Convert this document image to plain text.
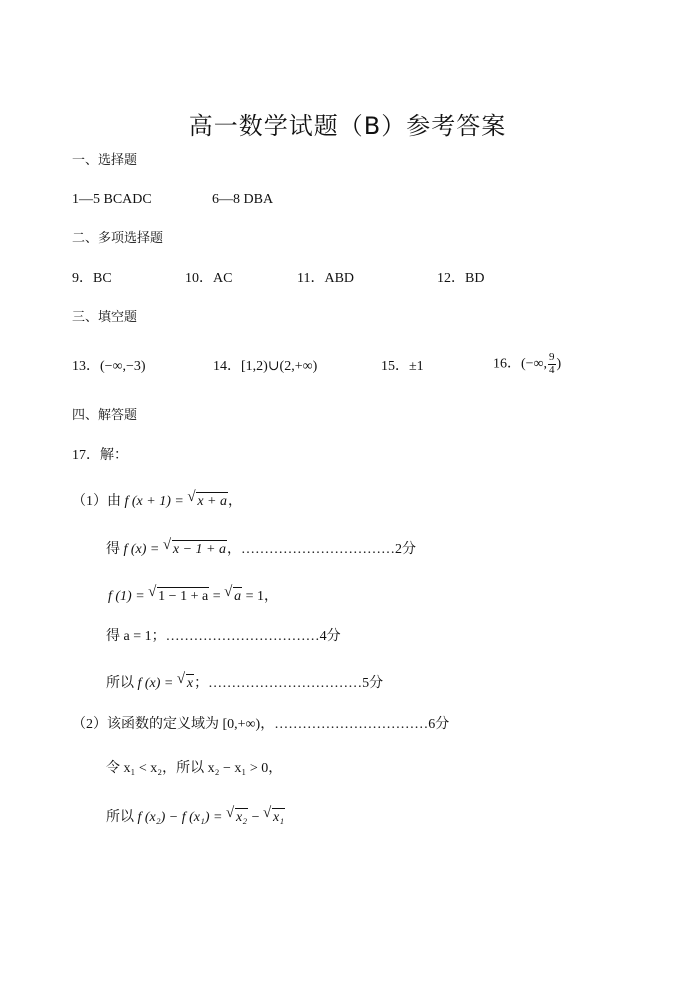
高一数学试题（B）参考答案
一、选择题
1—5 BCADC	6—8 DBA
二、多项选择题
9．BC	10．AC	11．ABD	12．BD
三、填空题
13．(−∞,−3)	14．[1,2)∪(2,+∞)	15．±1	16．(−∞, $\frac{9}{4}$ )
四、解答题
17．解：
（1）由 f (x + 1) = √ x + a，
得 f (x) = √ x − 1 + a，……………………………2分
f (1) = √ 1 − 1 + a = √ a = 1，
得 a = 1；……………………………4分
所以 f (x) = √ x；……………………………5分
（2）该函数的定义域为 [0,+∞)，……………………………6分
令 x₁ < x₂，所以 x₂ − x₁ > 0，
所以 f (x₂) − f (x₁) = √ x₂ − √ x₁
